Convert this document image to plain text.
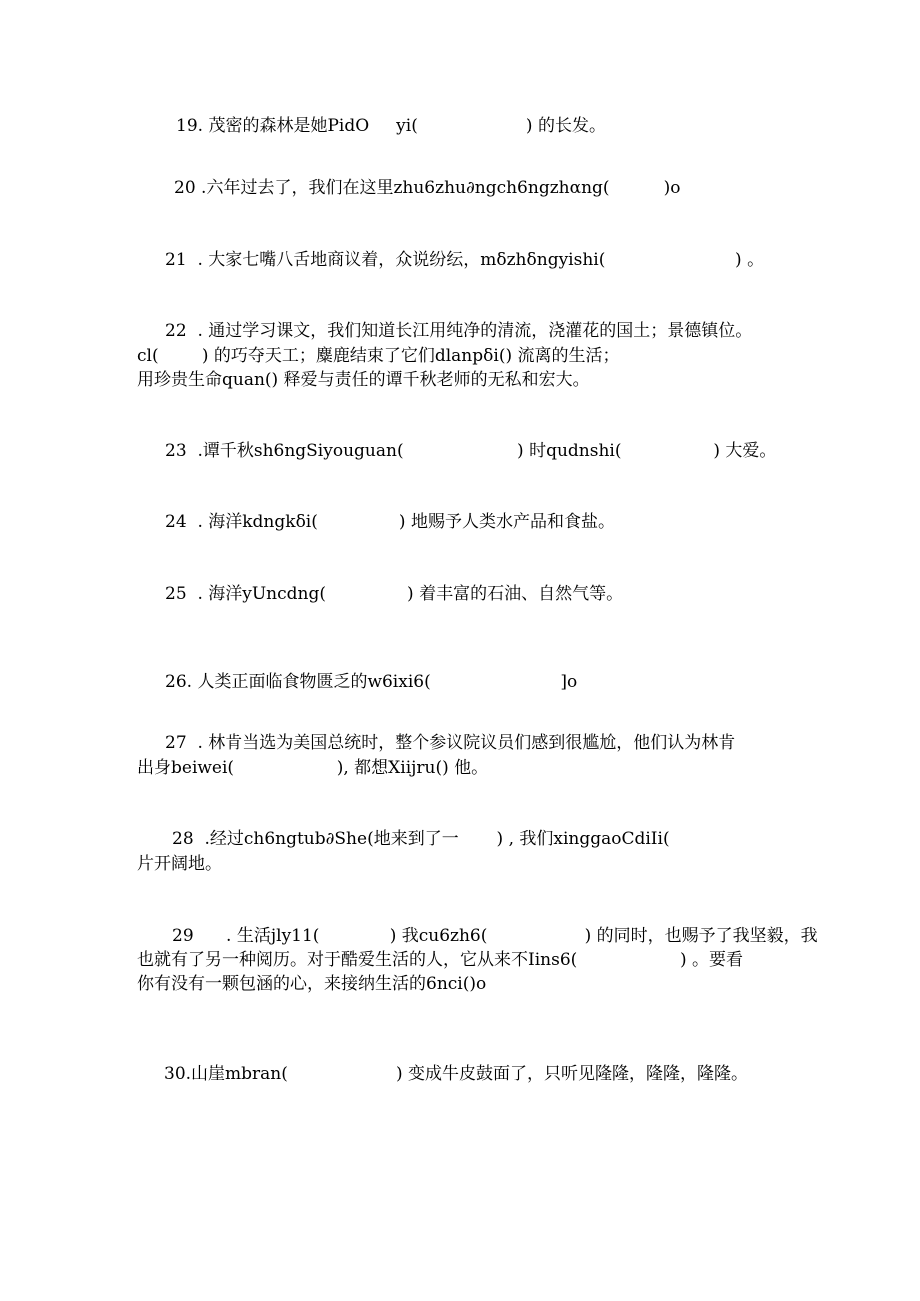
19. 茂密的森林是她PidO     yi(                    ) 的长发。
20 .六年过去了，我们在这里zhu6zhu∂ngch6ngzhαng(          )o
21  . 大家七嘴八舌地商议着，众说纷纭，mδzhδngyishi(                        ) 。
22  . 通过学习课文，我们知道长江用纯净的清流，浇灌花的国土；景德镇位。
cl(        ) 的巧夺天工；麋鹿结束了它们dlanpδi() 流离的生活；
用珍贵生命quan() 释爱与责任的谭千秋老师的无私和宏大。
23  .谭千秋sh6ngSiyouguan(                     ) 时qudnshi(                 ) 大爱。
24  . 海洋kdngkδi(               ) 地赐予人类水产品和食盐。
25  . 海洋yUncdng(               ) 着丰富的石油、自然气等。
26. 人类正面临食物匮乏的w6ixi6(                        ]o
27  . 林肯当选为美国总统时，整个参议院议员们感到很尴尬，他们认为林肯
出身beiwei(                   ), 都想Xiijru() 他。
28  .经过ch6ngtub∂She(地来到了一       ) , 我们xinggaoCdiIi(
片开阔地。
29      . 生活jly11(             ) 我cu6zh6(                  ) 的同时，也赐予了我坚毅，我
也就有了另一种阅历。对于酷爱生活的人，它从来不Iins6(                   ) 。要看
你有没有一颗包涵的心，来接纳生活的6nci()o
30.山崖mbran(                    ) 变成牛皮鼓面了，只听见隆隆，隆隆，隆隆。
